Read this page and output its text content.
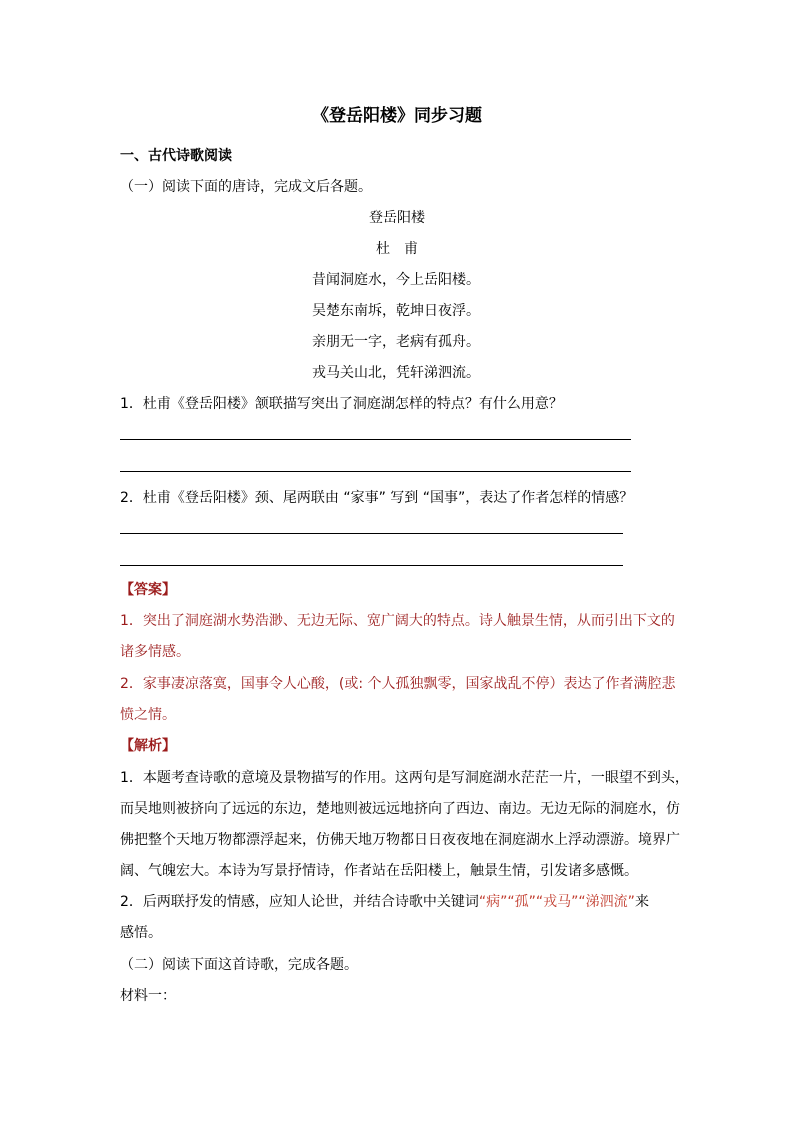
《登岳阳楼》同步习题
一、古代诗歌阅读
（一）阅读下面的唐诗，完成文后各题。
登岳阳楼
杜　甫
昔闻洞庭水，今上岳阳楼。
吴楚东南坼，乾坤日夜浮。
亲朋无一字，老病有孤舟。
戎马关山北，凭轩涕泗流。
1．杜甫《登岳阳楼》颔联描写突出了洞庭湖怎样的特点？有什么用意？
2．杜甫《登岳阳楼》颈、尾两联由 “家事” 写到 “国事”，表达了作者怎样的情感？
【答案】
1．突出了洞庭湖水势浩渺、无边无际、宽广阔大的特点。诗人触景生情，从而引出下文的
诸多情感。
2．家事凄凉落寞，国事令人心酸，(或: 个人孤独飘零，国家战乱不停）表达了作者满腔悲
愤之情。
【解析】
1．本题考查诗歌的意境及景物描写的作用。这两句是写洞庭湖水茫茫一片，一眼望不到头，
而吴地则被挤向了远远的东边，楚地则被远远地挤向了西边、南边。无边无际的洞庭水，仿
佛把整个天地万物都漂浮起来，仿佛天地万物都日日夜夜地在洞庭湖水上浮动漂游。境界广
阔、气魄宏大。本诗为写景抒情诗，作者站在岳阳楼上，触景生情，引发诸多感慨。
2．后两联抒发的情感，应知人论世，并结合诗歌中关键词“病”“孤”“戎马”“涕泗流”来
感悟。
（二）阅读下面这首诗歌，完成各题。
材料一：
